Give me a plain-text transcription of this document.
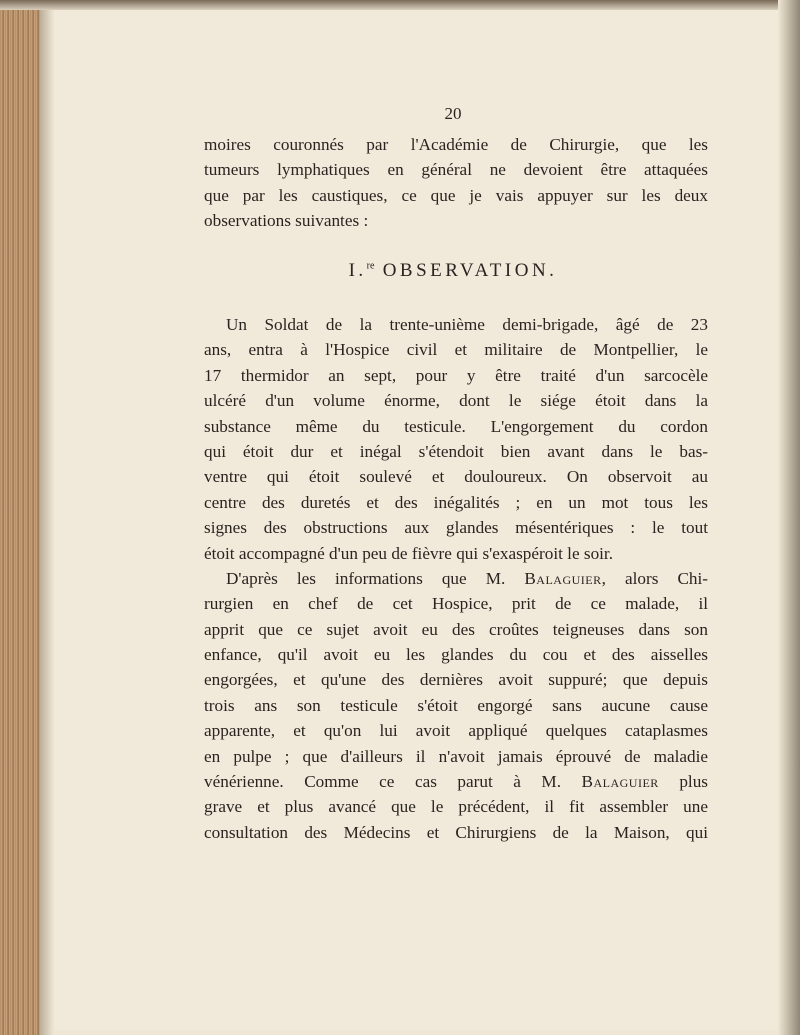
20
moires couronnés par l'Académie de Chirurgie, que les
tumeurs lymphatiques en général ne devoient être attaquées
que par les caustiques, ce que je vais appuyer sur les deux
observations suivantes :
I.$^{re}$ OBSERVATION.
Un Soldat de la trente-unième demi-brigade, âgé de 23
ans, entra à l'Hospice civil et militaire de Montpellier, le
17 thermidor an sept, pour y être traité d'un sarcocèle
ulcéré d'un volume énorme, dont le siége étoit dans la
substance même du testicule. L'engorgement du cordon
qui étoit dur et inégal s'étendoit bien avant dans le bas-
ventre qui étoit soulevé et douloureux. On observoit au
centre des duretés et des inégalités ; en un mot tous les
signes des obstructions aux glandes mésentériques : le tout
étoit accompagné d'un peu de fièvre qui s'exaspéroit le soir.
D'après les informations que M. Balaguier, alors Chi-
rurgien en chef de cet Hospice, prit de ce malade, il
apprit que ce sujet avoit eu des croûtes teigneuses dans son
enfance, qu'il avoit eu les glandes du cou et des aisselles
engorgées, et qu'une des dernières avoit suppuré; que depuis
trois ans son testicule s'étoit engorgé sans aucune cause
apparente, et qu'on lui avoit appliqué quelques cataplasmes
en pulpe ; que d'ailleurs il n'avoit jamais éprouvé de maladie
vénérienne. Comme ce cas parut à M. Balaguier plus
grave et plus avancé que le précédent, il fit assembler une
consultation des Médecins et Chirurgiens de la Maison, qui
